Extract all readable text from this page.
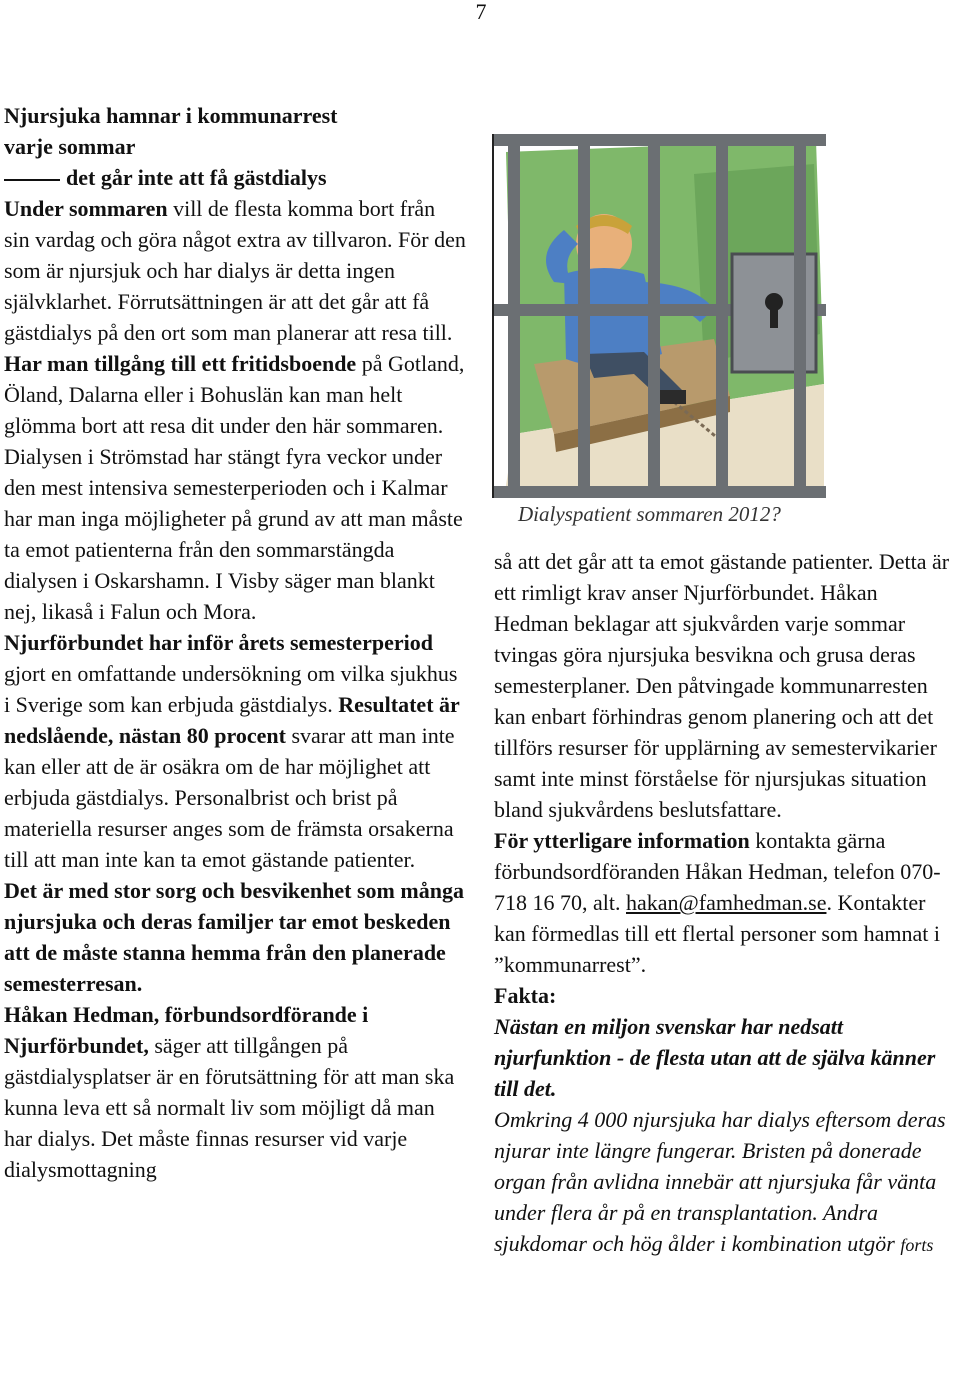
7

Njursjuka hamnar i kommunarrest
varje sommar

det går inte att få gästdialys

Under sommaren vill de flesta komma bort från sin vardag och göra något extra av tillvaron. För den som är njursjuk och har dialys är detta ingen självklarhet. Förrutsättningen är att det går att få gästdialys på den ort som man planerar att resa till.

Har man tillgång till ett fritidsboende på Gotland, Öland, Dalarna eller i Bohuslän kan man helt glömma bort att resa dit under den här sommaren. Dialysen i Strömstad har stängt fyra veckor under den mest intensiva semesterperioden och i Kalmar har man inga möjligheter på grund av att man måste ta emot patienterna från den sommarstängda dialysen i Oskarshamn. I Visby säger man blankt nej, likaså i Falun och Mora.

Njurförbundet har inför årets semesterperiod gjort en omfattande undersökning om vilka sjukhus i Sverige som kan erbjuda gästdialys. Resultatet är nedslående, nästan 80 procent svarar att man inte kan eller att de är osäkra om de har möjlighet att erbjuda gästdialys. Personalbrist och brist på materiella resurser anges som de främsta orsakerna till att man inte kan ta emot gästande patienter.

Det är med stor sorg och besvikenhet som många njursjuka och deras familjer tar emot beskeden att de måste stanna hemma från den planerade semesterresan.

Håkan Hedman, förbundsordförande i Njurförbundet, säger att tillgången på gästdialysplatser är en förutsättning för att man ska kunna leva ett så normalt liv som möjligt då man har dialys. Det måste finnas resurser vid varje dialysmottagning

Dialyspatient sommaren 2012?

så att det går att ta emot gästande patienter. Detta är ett rimligt krav anser Njurförbundet. Håkan Hedman beklagar att sjukvården varje sommar tvingas göra njursjuka besvikna och grusa deras semesterplaner. Den påtvingade kommunarresten kan enbart förhindras genom planering och att det tillförs resurser för upplärning av semestervikarier samt inte minst förståelse för njursjukas situation bland sjukvårdens beslutsfattare.

För ytterligare information kontakta gärna förbundsordföranden Håkan Hedman, telefon 070-718 16 70, alt. hakan@famhedman.se. Kontakter kan förmedlas till ett flertal personer som hamnat i ”kommunarrest”.

Fakta:

Nästan en miljon svenskar har nedsatt njurfunktion - de flesta utan att de själva känner till det.

Omkring 4 000 njursjuka har dialys eftersom deras njurar inte längre fungerar. Bristen på donerade organ från avlidna innebär att njursjuka får vänta under flera år på en transplantation. Andra sjukdomar och hög ålder i kombination utgör forts
